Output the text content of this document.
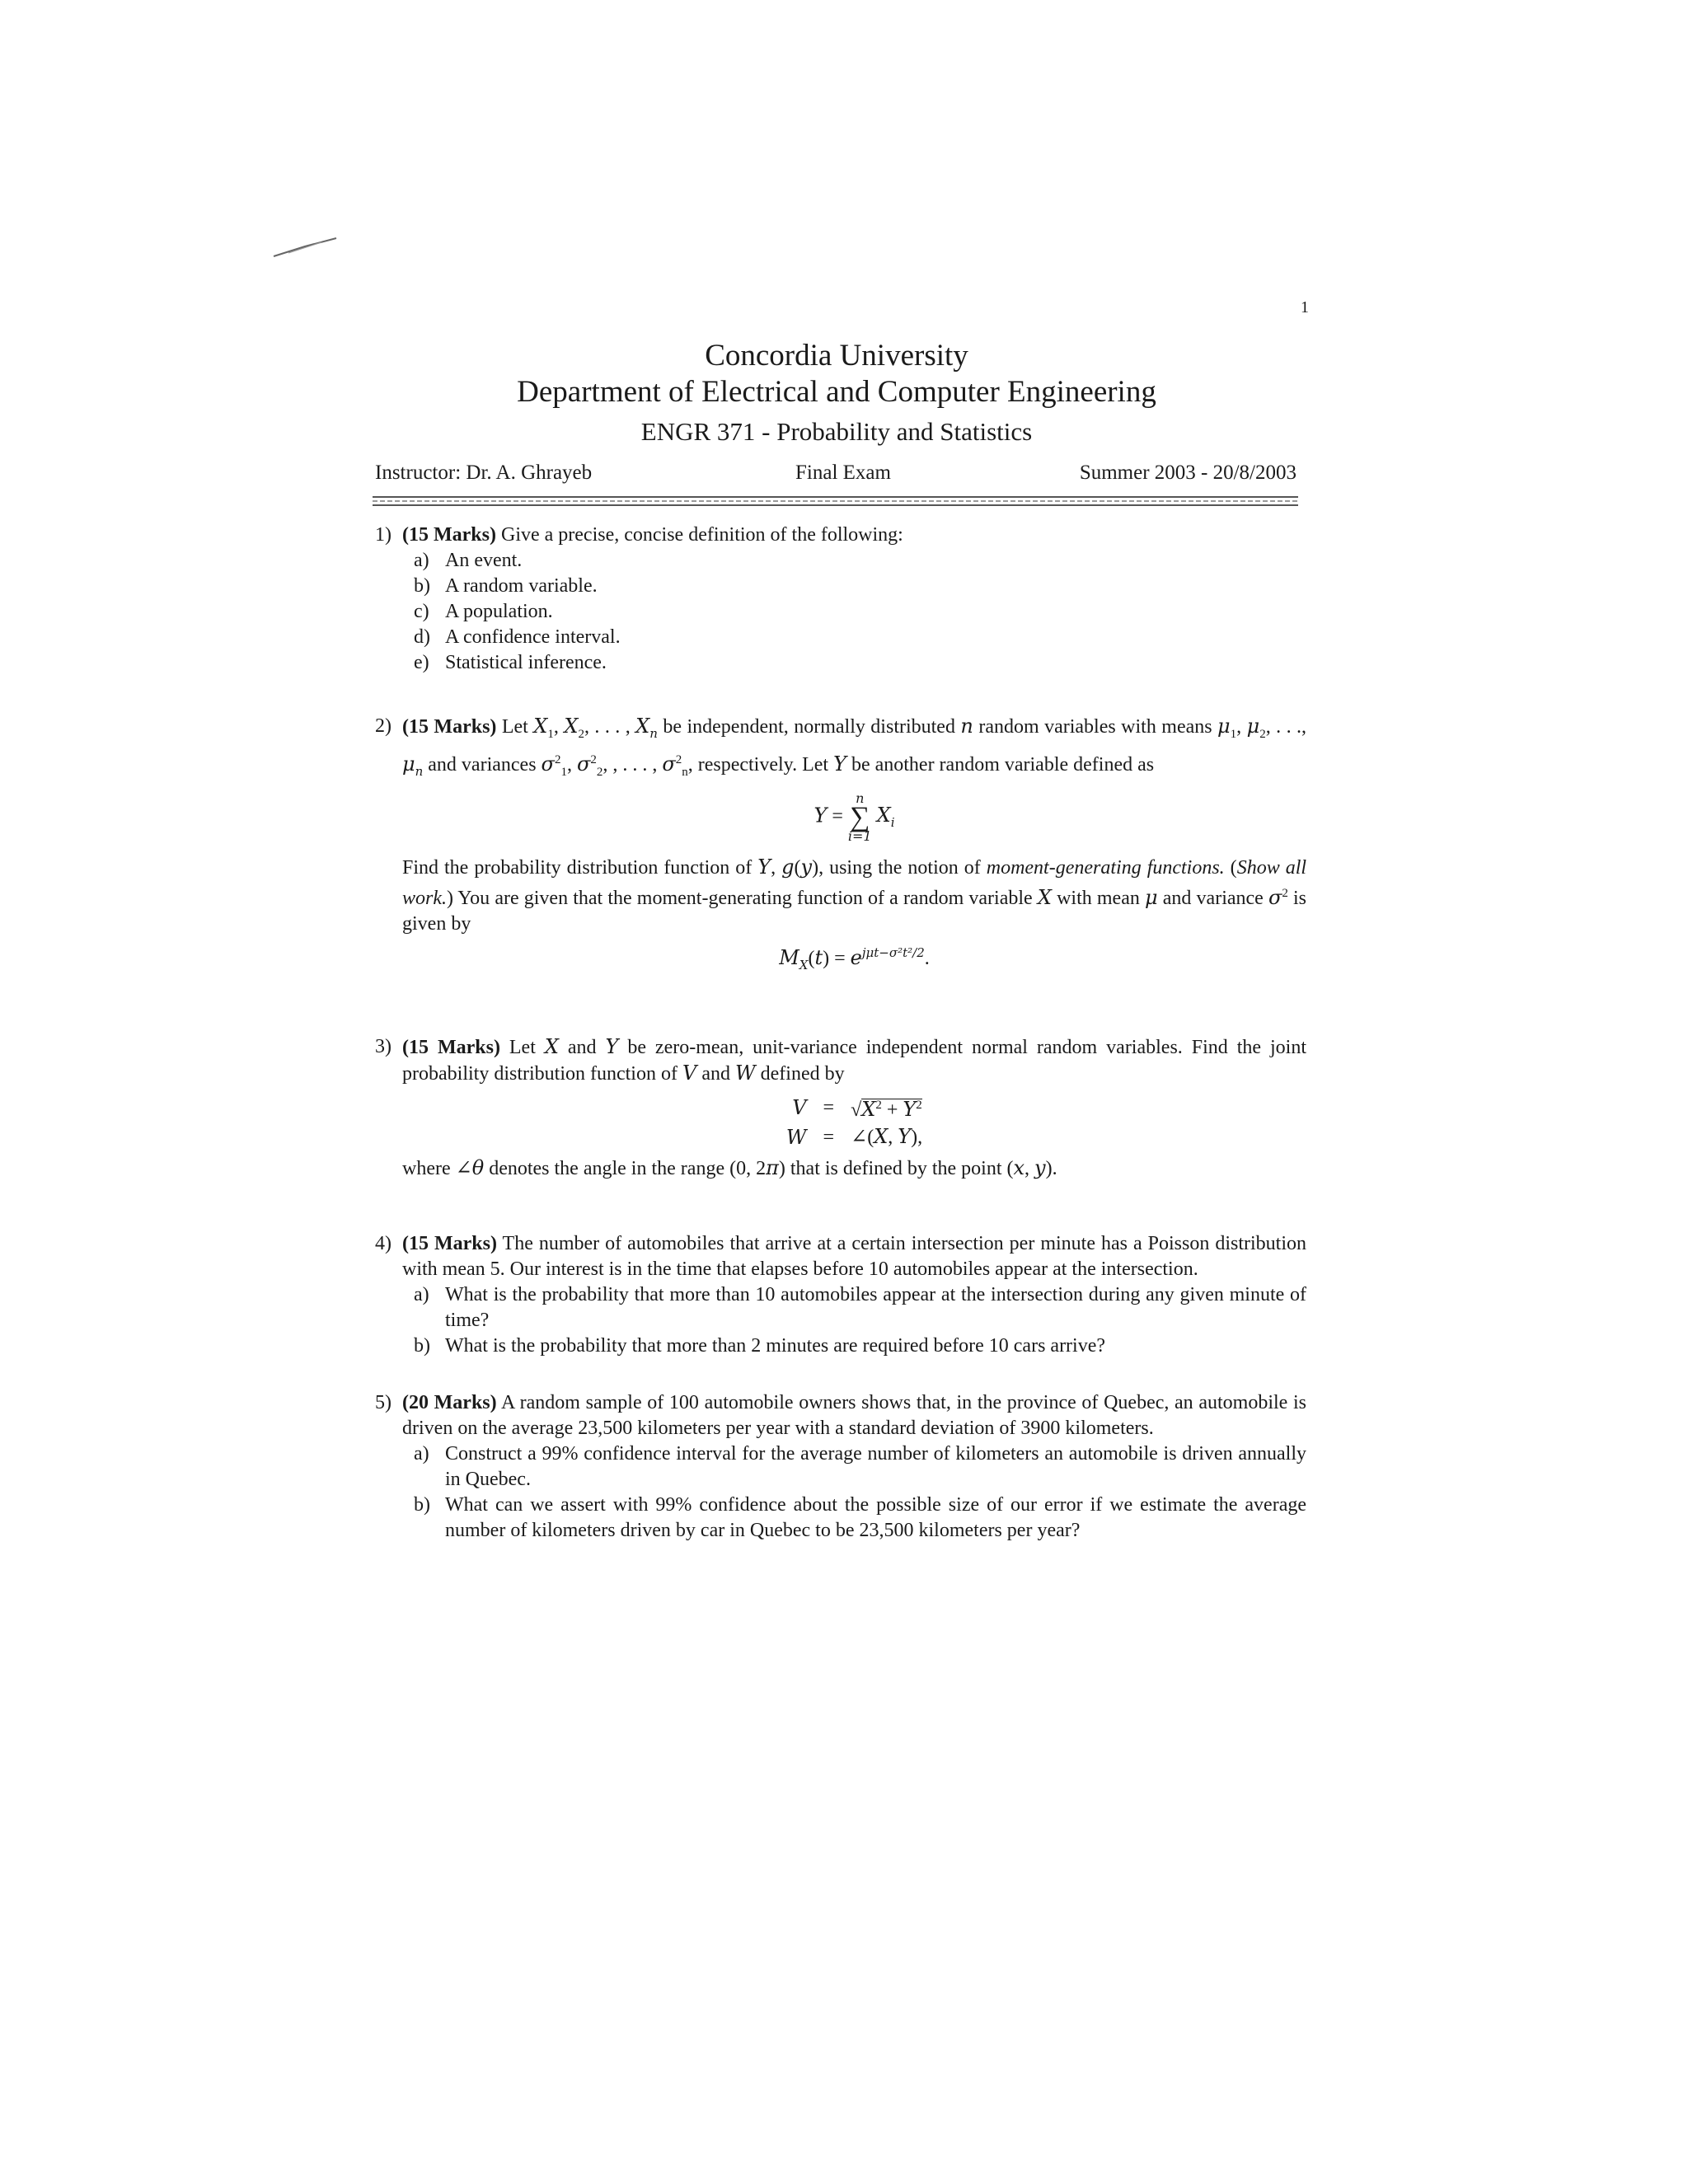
1
Concordia University
Department of Electrical and Computer Engineering
ENGR 371 - Probability and Statistics
Instructor: Dr. A. Ghrayeb	Final Exam	Summer 2003 - 20/8/2003
1) (15 Marks) Give a precise, concise definition of the following:
a) An event.
b) A random variable.
c) A population.
d) A confidence interval.
e) Statistical inference.
2) (15 Marks) Let $X_1$, $X_2$, . . . , $X_n$ be independent, normally distributed n random variables with means $\mu_1$, $\mu_2$, . . ., $\mu_n$ and variances $\sigma^2_1$, $\sigma^2_2$, , . . . , $\sigma^2_n$, respectively. Let Y be another random variable defined as
Y =
n
∑
i=1
$X_i$
Find the probability distribution function of Y, g(y), using the notion of moment-generating functions. (Show all work.) You are given that the moment-generating function of a random variable X with mean μ and variance $\sigma^2$ is given by
$M_X(t) = e^{j\mu t-\sigma^2t^2/2}$.
3) (15 Marks) Let X and Y be zero-mean, unit-variance independent normal random variables. Find the joint probability distribution function of V and W defined by
V	=	$√X^2 + Y^2$
W	=	∠(X, Y),
where ∠θ denotes the angle in the range (0, 2π) that is defined by the point (x, y).
4) (15 Marks) The number of automobiles that arrive at a certain intersection per minute has a Poisson distribution with mean 5. Our interest is in the time that elapses before 10 automobiles appear at the intersection.
a) What is the probability that more than 10 automobiles appear at the intersection during any given minute of time?
b) What is the probability that more than 2 minutes are required before 10 cars arrive?
5) (20 Marks) A random sample of 100 automobile owners shows that, in the province of Quebec, an automobile is driven on the average 23,500 kilometers per year with a standard deviation of 3900 kilometers.
a) Construct a 99% confidence interval for the average number of kilometers an automobile is driven annually in Quebec.
b) What can we assert with 99% confidence about the possible size of our error if we estimate the average number of kilometers driven by car in Quebec to be 23,500 kilometers per year?
